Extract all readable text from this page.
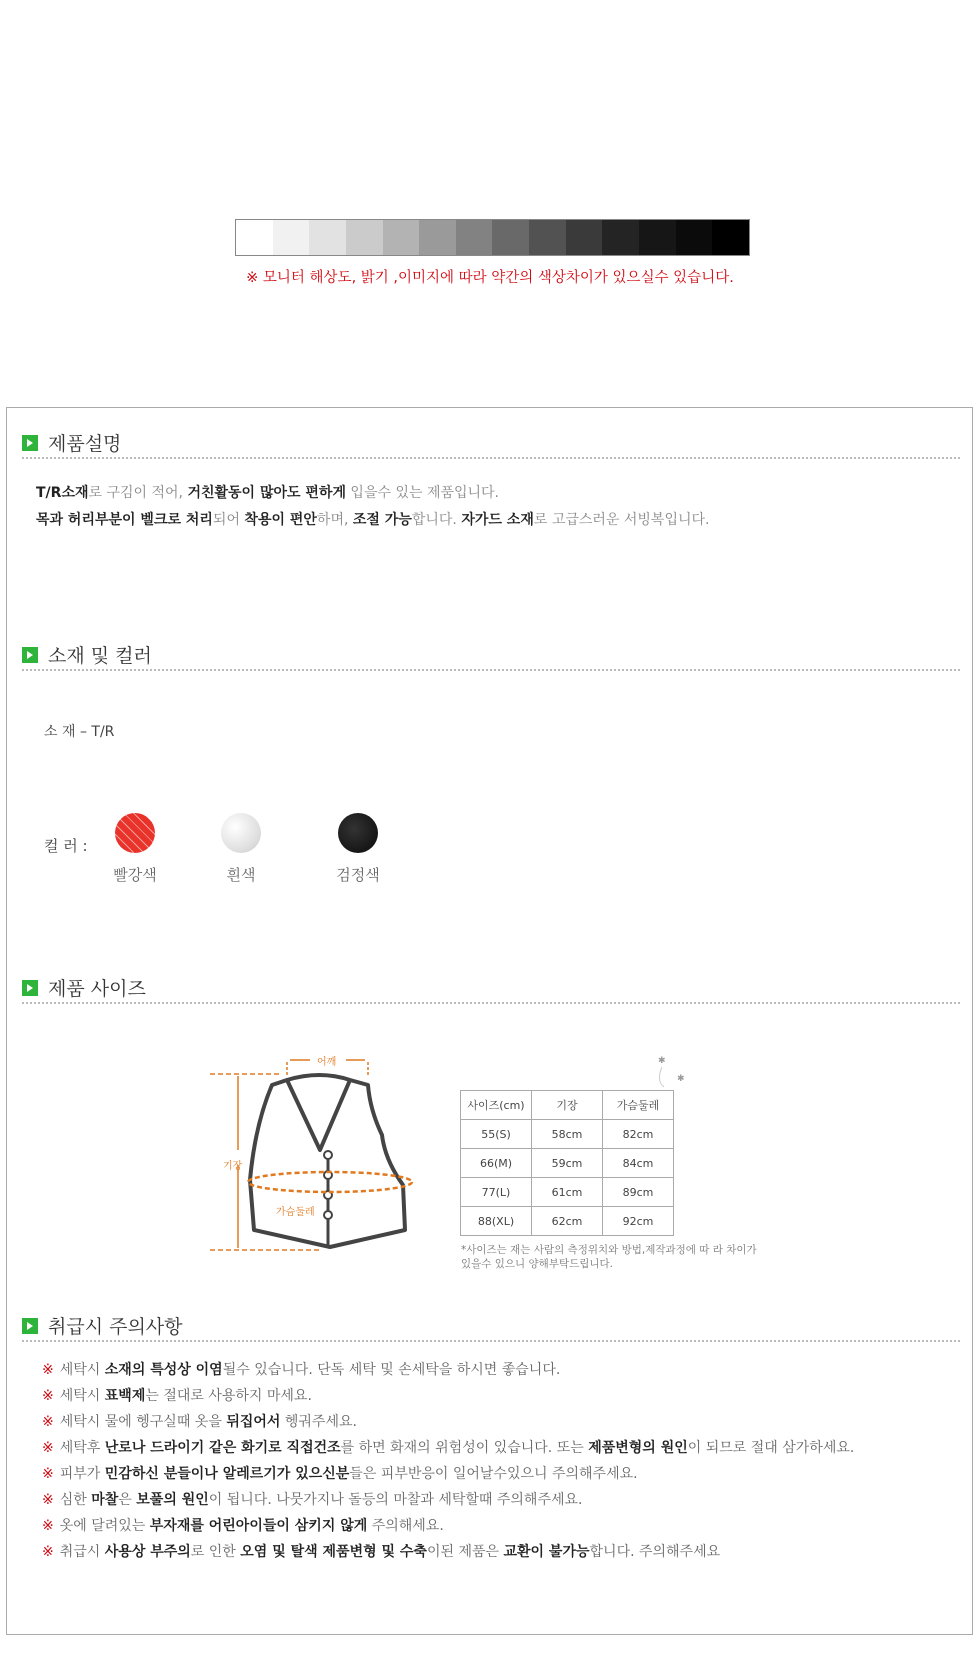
※ 모니터 해상도, 밝기 ,이미지에 따라 약간의 색상차이가 있으실수 있습니다.
제품설명
T/R소재로 구김이 적어, 거친활동이 많아도 편하게 입을수 있는 제품입니다.
목과 허리부분이 벨크로 처리되어 착용이 편안하며, 조절 가능합니다. 자가드 소재로 고급스러운 서빙복입니다.
소재 및 컬러
소 재 – T/R
컬 러 :
빨강색	흰색	검정색
제품 사이즈
어깨
기장
가슴둘레
✱
✱
사이즈(cm)	기장	가슴둘레
55(S)	58cm	82cm
66(M)	59cm	84cm
77(L)	61cm	89cm
88(XL)	62cm	92cm
*사이즈는 재는 사람의 측정위치와 방법,제작과정에 따 라 차이가
있을수 있으니 양해부탁드립니다.
취급시 주의사항
※ 세탁시 소재의 특성상 이염될수 있습니다. 단독 세탁 및 손세탁을 하시면 좋습니다.
※ 세탁시 표백제는 절대로 사용하지 마세요.
※ 세탁시 물에 헹구실때 옷을 뒤집어서 헹궈주세요.
※ 세탁후 난로나 드라이기 같은 화기로 직접건조를 하면 화재의 위험성이 있습니다. 또는 제품변형의 원인이 되므로 절대 삼가하세요.
※ 피부가 민감하신 분들이나 알레르기가 있으신분들은 피부반응이 일어날수있으니 주의해주세요.
※ 심한 마찰은 보풀의 원인이 됩니다. 나뭇가지나 돌등의 마찰과 세탁할때 주의해주세요.
※ 옷에 달려있는 부자재를 어린아이들이 삼키지 않게 주의해세요.
※ 취급시 사용상 부주의로 인한 오염 및 탈색 제품변형 및 수축이된 제품은 교환이 불가능합니다. 주의해주세요
